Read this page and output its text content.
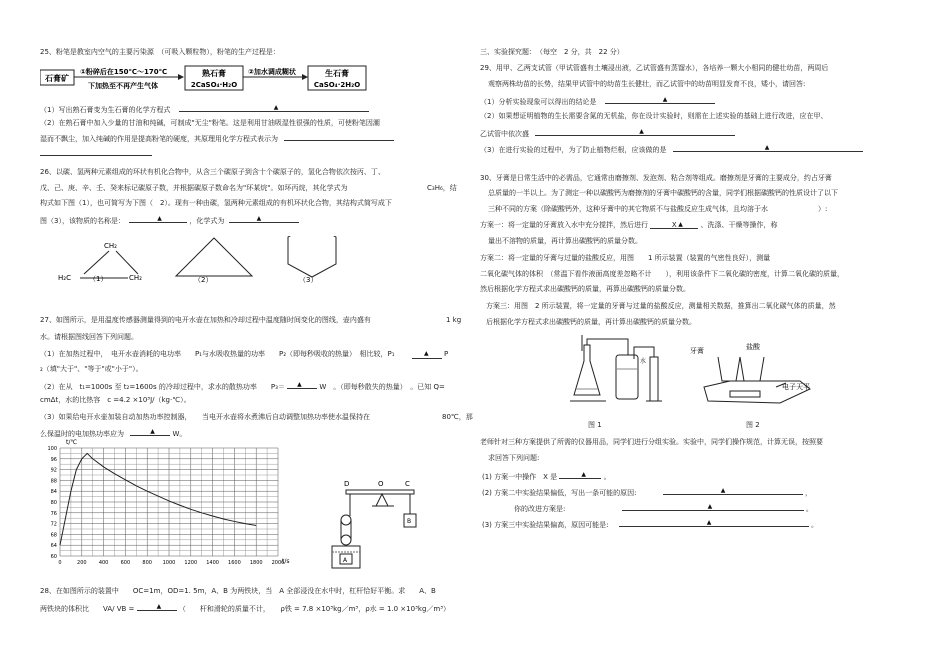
25、粉笔是教室内空气的主要污染源　（可吸入颗粒物），粉笔的生产过程是：
石膏矿
①粉碎后在150℃～170℃
下加热至不再产生气体
熟石膏
2CaSO₄·H₂O
②加水调成糊状	生石膏
CaSO₄·2H₂O
（1）写出熟石膏变为生石膏的化学方程式	▲
（2）在熟石膏中加入少量的甘油和纯碱，可制成"无尘"粉笔。这是利用甘油吸湿性很强的性质，可使粉笔因潮
湿而不飘尘，加入纯碱的作用是提高粉笔的硬度，其原理用化学方程式表示为
26、以碳、氢两种元素组成的环状有机化合物中，从含三个碳原子到含十个碳原子的，氢化合物依次按丙、丁、
戊、己、庚、辛、壬、癸来标记碳原子数，并根据碳原子数命名为"环某烷"。如环丙烷，其化学式为	C₃H₆，结
构式如下图（1），也可简写为下图（　2）。现有一种由碳，氢两种元素组成的有机环状化合物，其结构式简写成下
图（3），该物质的名称是：	▲	，化学式为	▲
CH₂
H₂C	CH₂
（1）	（2）	（3）
27、如图所示，是用温度传感器测量得到的电开水壶在加热和冷却过程中温度随时间变化的图线，壶内盛有	1 kg
水。请根据图线回答下列问题。
（1）在加热过程中，　电开水壶消耗的电功率　　P₁与水吸收热量的功率　　P₂（即每秒吸收的热量）　相比较，P₁	▲ P
₂（填"大于"、"等于"或"小于"）。
（2）在从　t₁=1000s 至 t₂=1600s 的冷却过程中，求水的散热功率　　P₃＝ ▲	W　。（即每秒散失的热量）　。已知 Q=
cmΔt，水的比热容　c =4.2 ×10³J/（kg·℃）。
（3）如果给电开水壶加装自动加热功率控制器，　　当电开水壶将水煮沸后自动调整加热功率使水温保持在	80℃，那
么保温时的电加热功率应为	▲	W。
60
64
68
72
76
80
84
88
92
96
100
0	200 400 600 800 1000 1200 1400 1600 1800 2000
t/℃
t/s
D	O	C
A
B
28、在如图所示的装置中　　OC=1m，OD=1. 5m，A、B 为两铁块，当　A 全部浸没在水中时，杠杆恰好平衡。求　　A、B
两铁块的体积比　　VA/ VB =	▲	（　　杆和滑轮的质量不计，　　ρ铁 = 7.8 ×10³kg／m³，ρ水 = 1.0 ×10³kg／m³）
三、实验探究题：　（每空　2 分，共　22 分）
29、用甲、乙两支试管（甲试管盛有土壤浸出液，乙试管盛有蒸馏水），各培养一颗大小相同的健壮幼苗，两周后
观察两株幼苗的长势，结果甲试管中的幼苗生长健壮，而乙试管中的幼苗明显发育不良，矮小，请回答:
（1）分析实验现象可以得出的结论是	▲
（2）如果想证明植物的生长需要含氮的无机盐，你在设计实验时，则需在上述实验的基础上进行改进，应在甲、
乙试管中依次盛	▲
（3）在进行实验的过程中，为了防止植物烂根，应该做的是	▲
30、牙膏是日常生活中的必需品，它通常由磨擦剂、发泡剂、粘合剂等组成。磨擦剂是牙膏的主要成分，约占牙膏
总质量的一半以上。为了测定一种以碳酸钙为磨擦剂的牙膏中碳酸钙的含量，同学们根据碳酸钙的性质设计了以下
三种不同的方案（除碳酸钙外，这种牙膏中的其它物质不与盐酸反应生成气体，且均溶于水	）:
方案一：将一定量的牙膏放入水中充分搅拌，然后进行	X ▲	、洗涤、干燥等操作，称
量出不溶物的质量，再计算出碳酸钙的质量分数。
方案二：将一定量的牙膏与过量的盐酸反应，用图　　1 所示装置（装置的气密性良好），测量
二氧化碳气体的体积　（常温下看作液面高度差忽略不计　　），利用该条件下二氧化碳的密度，计算二氧化碳的质量，
然后根据化学方程式求出碳酸钙的质量，再算出碳酸钙的质量分数。
方案三：用图　2 所示装置，将一定量的牙膏与过量的盐酸反应，测量相关数据，推算出二氧化碳气体的质量，然
后根据化学方程式求出碳酸钙的质量，再计算出碳酸钙的质量分数。
水
图 1
牙膏	盐酸
电子天平
图 2
老师针对三种方案提供了所需的仪器用品，同学们进行分组实验。实验中，同学们操作规范，计算无误，按照要
求回答下列问题:
(1) 方案一中操作　X 是	▲	。
(2) 方案二中实验结果偏低，写出一条可能的原因:	▲	，
你的改进方案是:	▲	。
(3) 方案三中实验结果偏高，原因可能是:	▲	。
